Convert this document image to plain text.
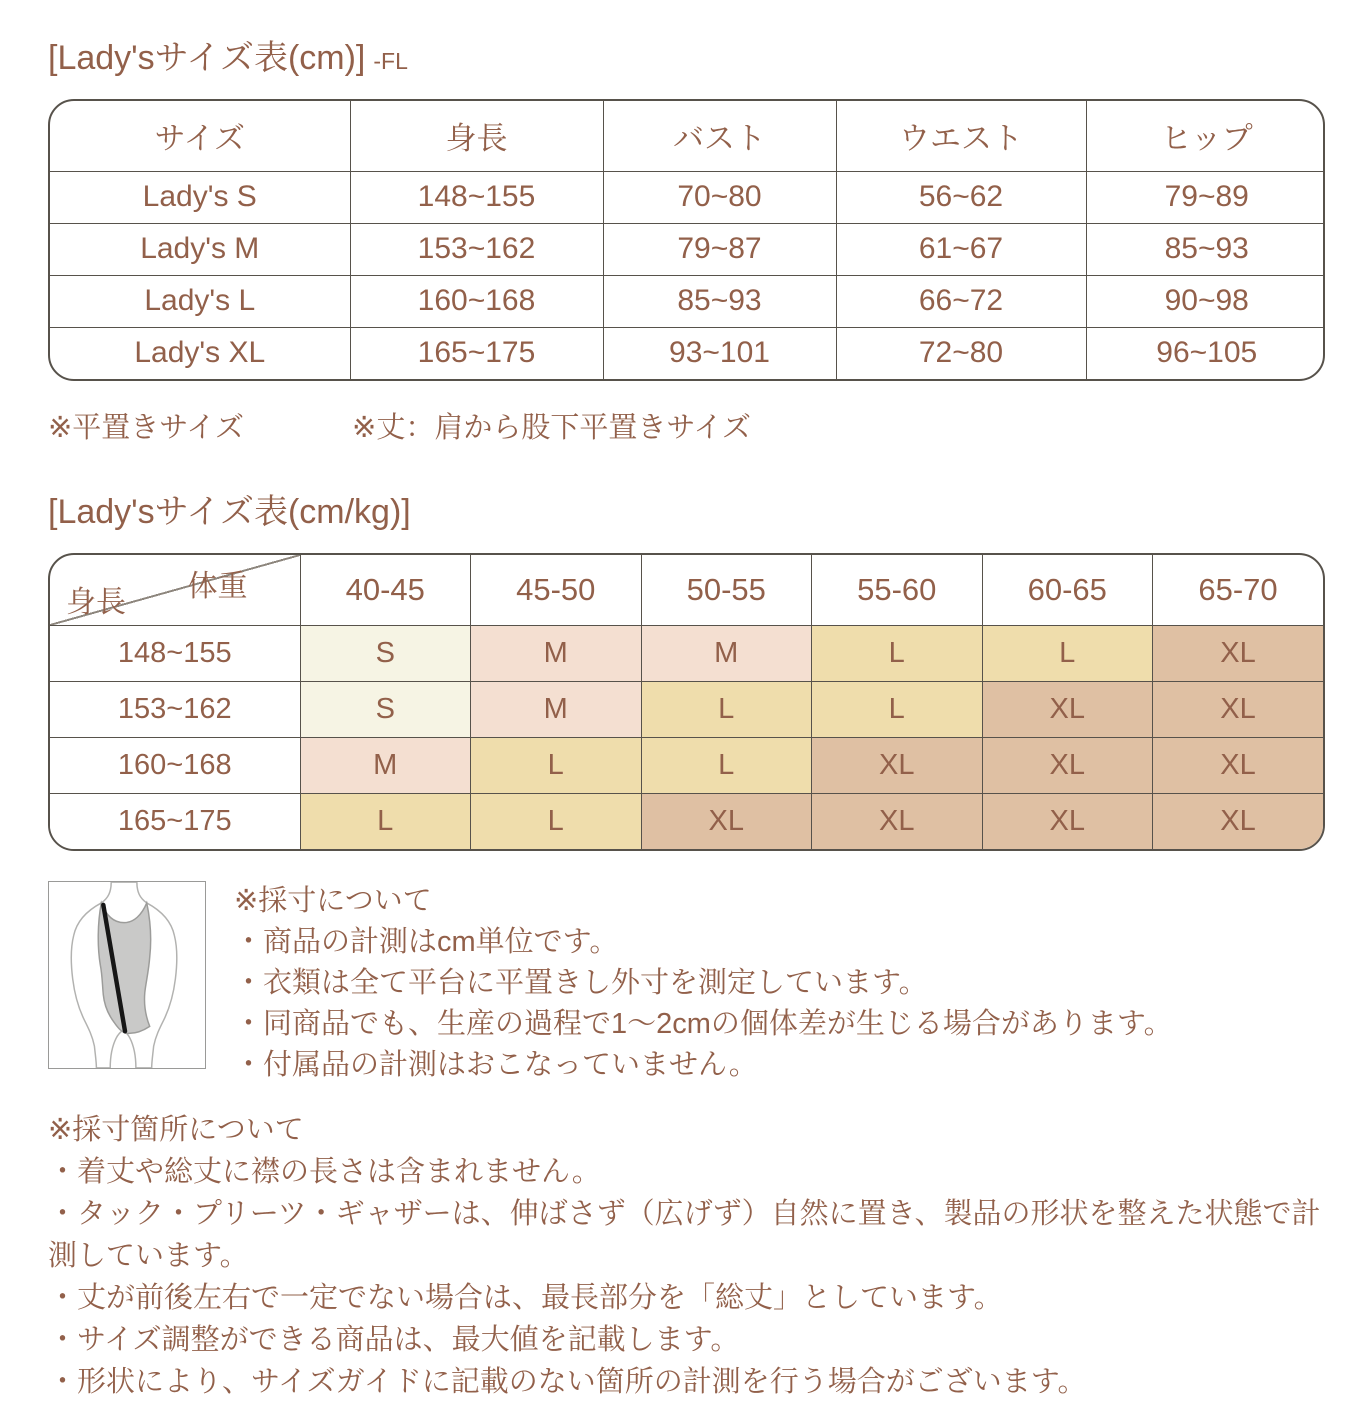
[Lady'sサイズ表(cm)] -FL
サイズ	身長	バスト	ウエスト	ヒップ
Lady's S	148~155	70~80	56~62	79~89
Lady's M	153~162	79~87	61~67	85~93
Lady's L	160~168	85~93	66~72	90~98
Lady's XL	165~175	93~101	72~80	96~105
※平置きサイズ	※丈：肩から股下平置きサイズ
[Lady'sサイズ表(cm/kg)]
体重
身長	40-45	45-50	50-55	55-60	60-65	65-70
148~155	S	M	M	L	L	XL
153~162	S	M	L	L	XL	XL
160~168	M	L	L	XL	XL	XL
165~175	L	L	XL	XL	XL	XL
※採寸について
・商品の計測はcm単位です。
・衣類は全て平台に平置きし外寸を測定しています。
・同商品でも、生産の過程で1〜2cmの個体差が生じる場合があります。
・付属品の計測はおこなっていません。
※採寸箇所について
・着丈や総丈に襟の長さは含まれません。
・タック・プリーツ・ギャザーは、伸ばさず（広げず）自然に置き、製品の形状を整えた状態で計測しています。
・丈が前後左右で一定でない場合は、最長部分を「総丈」としています。
・サイズ調整ができる商品は、最大値を記載します。
・形状により、サイズガイドに記載のない箇所の計測を行う場合がございます。
